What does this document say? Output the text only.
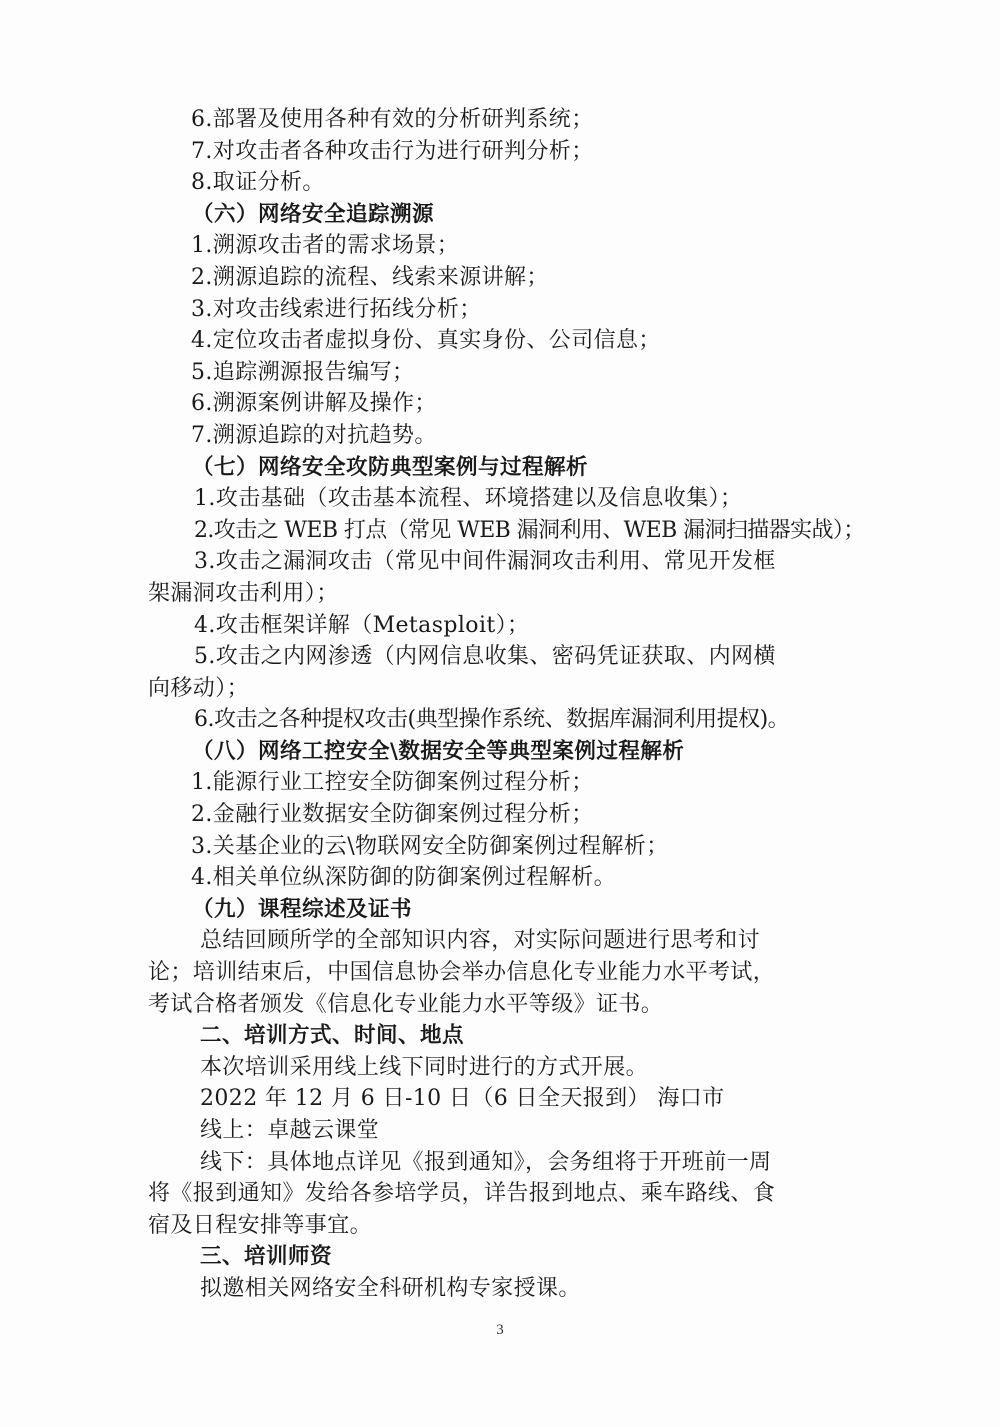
6.部署及使用各种有效的分析研判系统；
7.对攻击者各种攻击行为进行研判分析；
8.取证分析。
（六）网络安全追踪溯源
1.溯源攻击者的需求场景；
2.溯源追踪的流程、线索来源讲解；
3.对攻击线索进行拓线分析；
4.定位攻击者虚拟身份、真实身份、公司信息；
5.追踪溯源报告编写；
6.溯源案例讲解及操作；
7.溯源追踪的对抗趋势。
（七）网络安全攻防典型案例与过程解析
1.攻击基础（攻击基本流程、环境搭建以及信息收集）；
2.攻击之 WEB 打点（常见 WEB 漏洞利用、WEB 漏洞扫描器实战）；
3.攻击之漏洞攻击（常见中间件漏洞攻击利用、常见开发框
架漏洞攻击利用）；
4.攻击框架详解（Metasploit）；
5.攻击之内网渗透（内网信息收集、密码凭证获取、内网横
向移动）；
6.攻击之各种提权攻击(典型操作系统、数据库漏洞利用提权)。
（八）网络工控安全\数据安全等典型案例过程解析
1.能源行业工控安全防御案例过程分析；
2.金融行业数据安全防御案例过程分析；
3.关基企业的云\物联网安全防御案例过程解析；
4.相关单位纵深防御的防御案例过程解析。
（九）课程综述及证书
总结回顾所学的全部知识内容，对实际问题进行思考和讨
论；培训结束后，中国信息协会举办信息化专业能力水平考试，
考试合格者颁发《信息化专业能力水平等级》证书。
二、培训方式、时间、地点
本次培训采用线上线下同时进行的方式开展。
2022 年 12 月 6 日-10 日（6 日全天报到） 海口市
线上：卓越云课堂
线下：具体地点详见《报到通知》，会务组将于开班前一周
将《报到通知》发给各参培学员，详告报到地点、乘车路线、食
宿及日程安排等事宜。
三、培训师资
拟邀相关网络安全科研机构专家授课。
3
